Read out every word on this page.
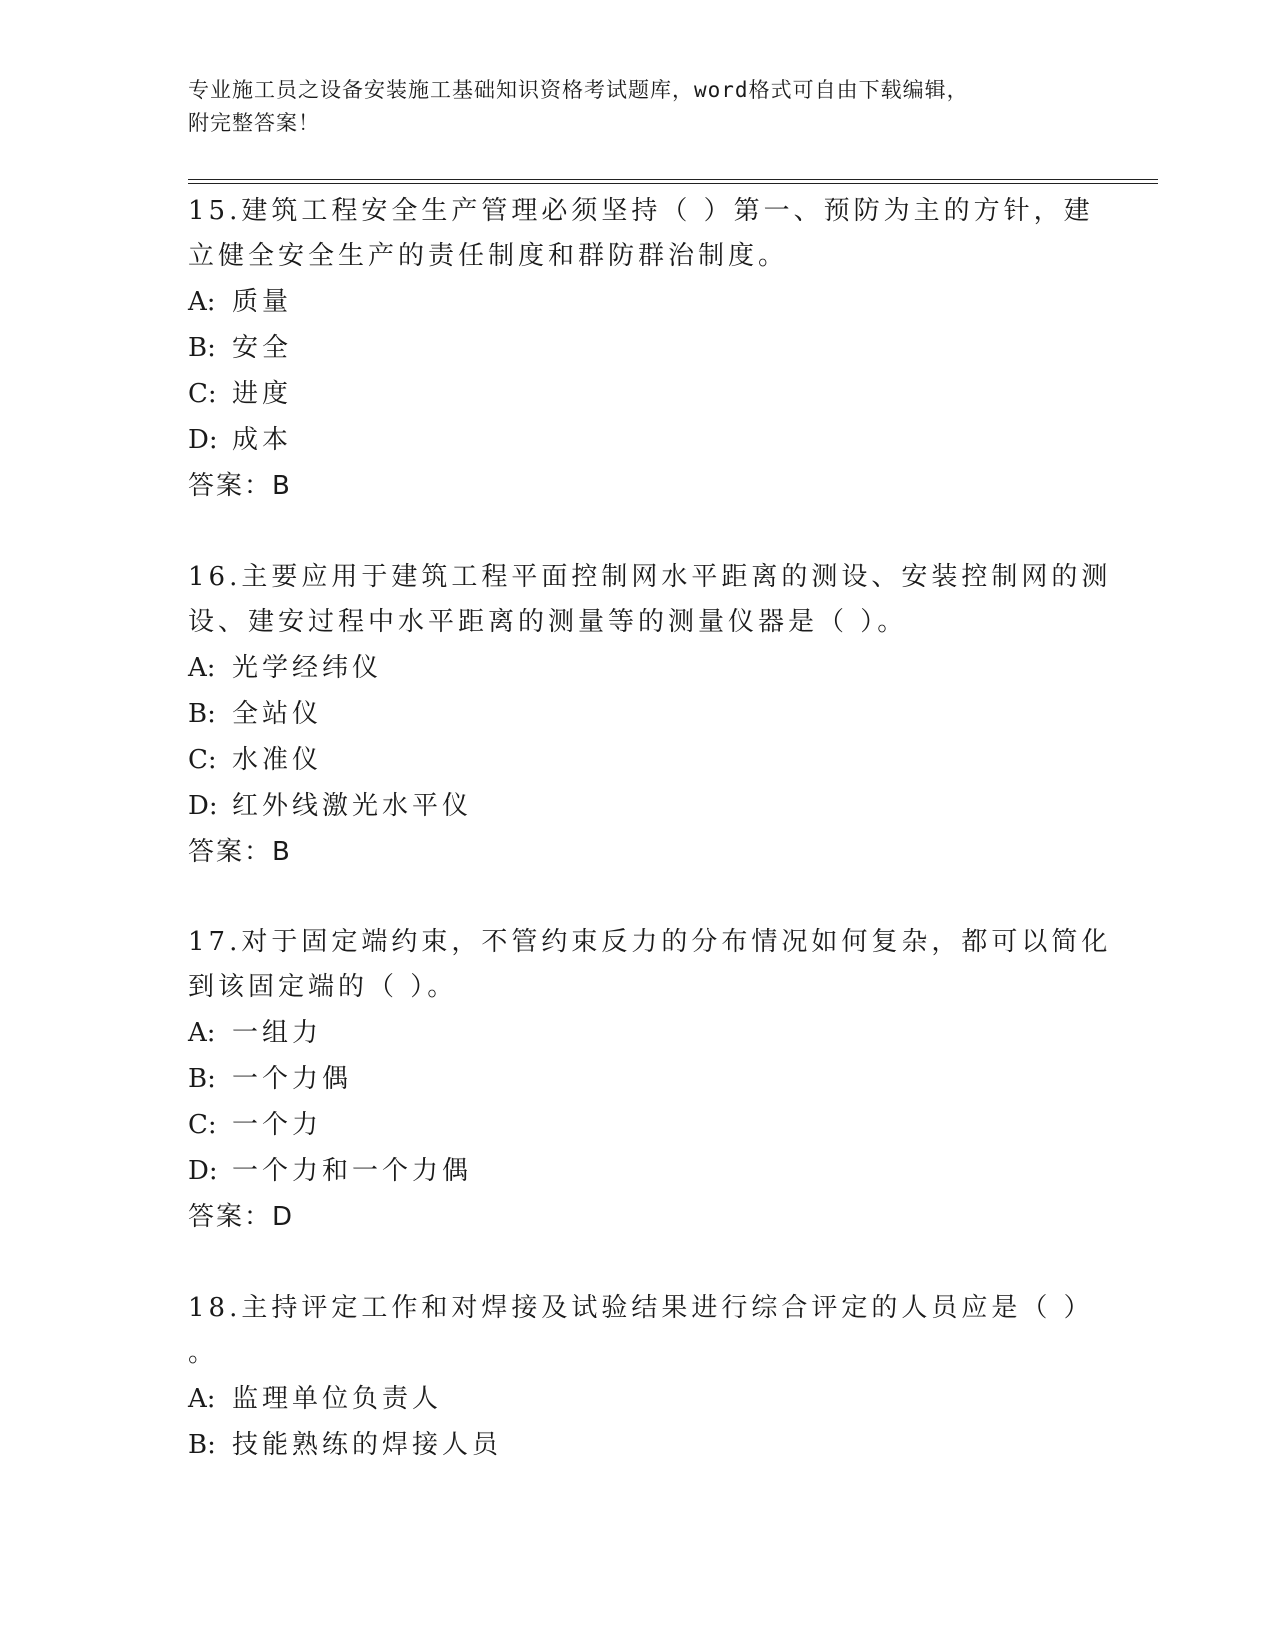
专业施工员之设备安装施工基础知识资格考试题库，word格式可自由下载编辑，
附完整答案！
15.建筑工程安全生产管理必须坚持（ ）第一、预防为主的方针，建
立健全安全生产的责任制度和群防群治制度。
A: 质量
B: 安全
C: 进度
D: 成本
答案：B
16.主要应用于建筑工程平面控制网水平距离的测设、安装控制网的测
设、建安过程中水平距离的测量等的测量仪器是（ ）。
A: 光学经纬仪
B: 全站仪
C: 水准仪
D: 红外线激光水平仪
答案：B
17.对于固定端约束，不管约束反力的分布情况如何复杂，都可以简化
到该固定端的（ ）。
A: 一组力
B: 一个力偶
C: 一个力
D: 一个力和一个力偶
答案：D
18.主持评定工作和对焊接及试验结果进行综合评定的人员应是（ ）
。
A: 监理单位负责人
B: 技能熟练的焊接人员
